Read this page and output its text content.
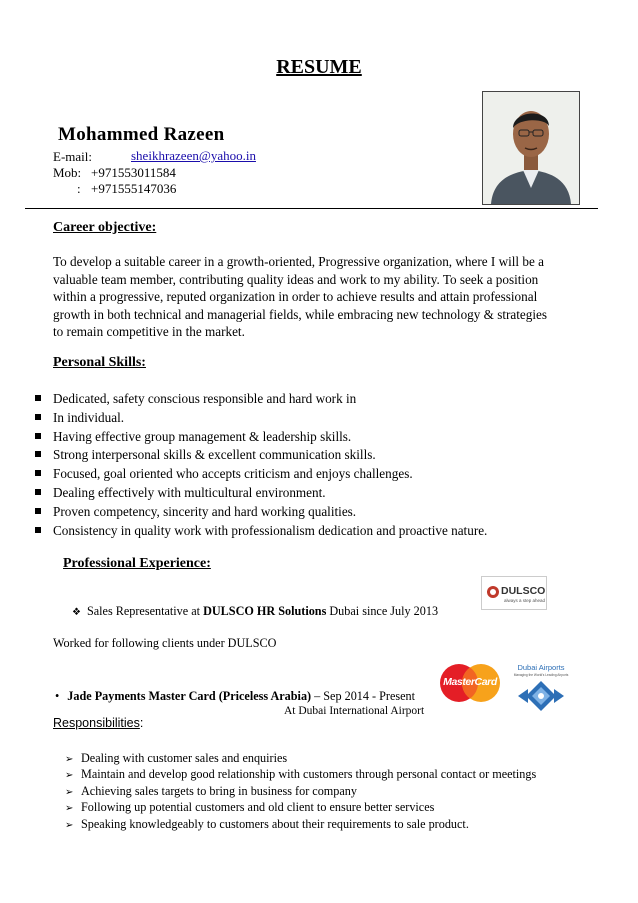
RESUME
Mohammed Razeen
E-mail:	sheikhrazeen@yahoo.in
Mob: +971553011584
: +971555147036
Career objective:
To develop a suitable career in a growth-oriented, Progressive organization, where I will be a
valuable team member, contributing quality ideas and work to my ability. To seek a position
within a progressive, reputed organization in order to achieve results and attain professional
growth in both technical and managerial fields, while embracing new technology & strategies
to remain competitive in the market.
Personal Skills:
Dedicated, safety conscious responsible and hard work in
In individual.
Having effective group management & leadership skills.
Strong interpersonal skills & excellent communication skills.
Focused, goal oriented who accepts criticism and enjoys challenges.
Dealing effectively with multicultural environment.
Proven competency, sincerity and hard working qualities.
Consistency in quality work with professionalism dedication and proactive nature.
Professional Experience:
❖ Sales Representative at DULSCO HR Solutions Dubai since July 2013
DULSCO
always a step ahead
Worked for following clients under DULSCO
• Jade Payments Master Card (Priceless Arabia) – Sep 2014 - Present
At Dubai International Airport
MasterCard
Dubai Airports
Managing the World's Leading Airports
Responsibilities:
➢ Dealing with customer sales and enquiries
➢ Maintain and develop good relationship with customers through personal contact or meetings
➢ Achieving sales targets to bring in business for company
➢ Following up potential customers and old client to ensure better services
➢ Speaking knowledgeably to customers about their requirements to sale product.
